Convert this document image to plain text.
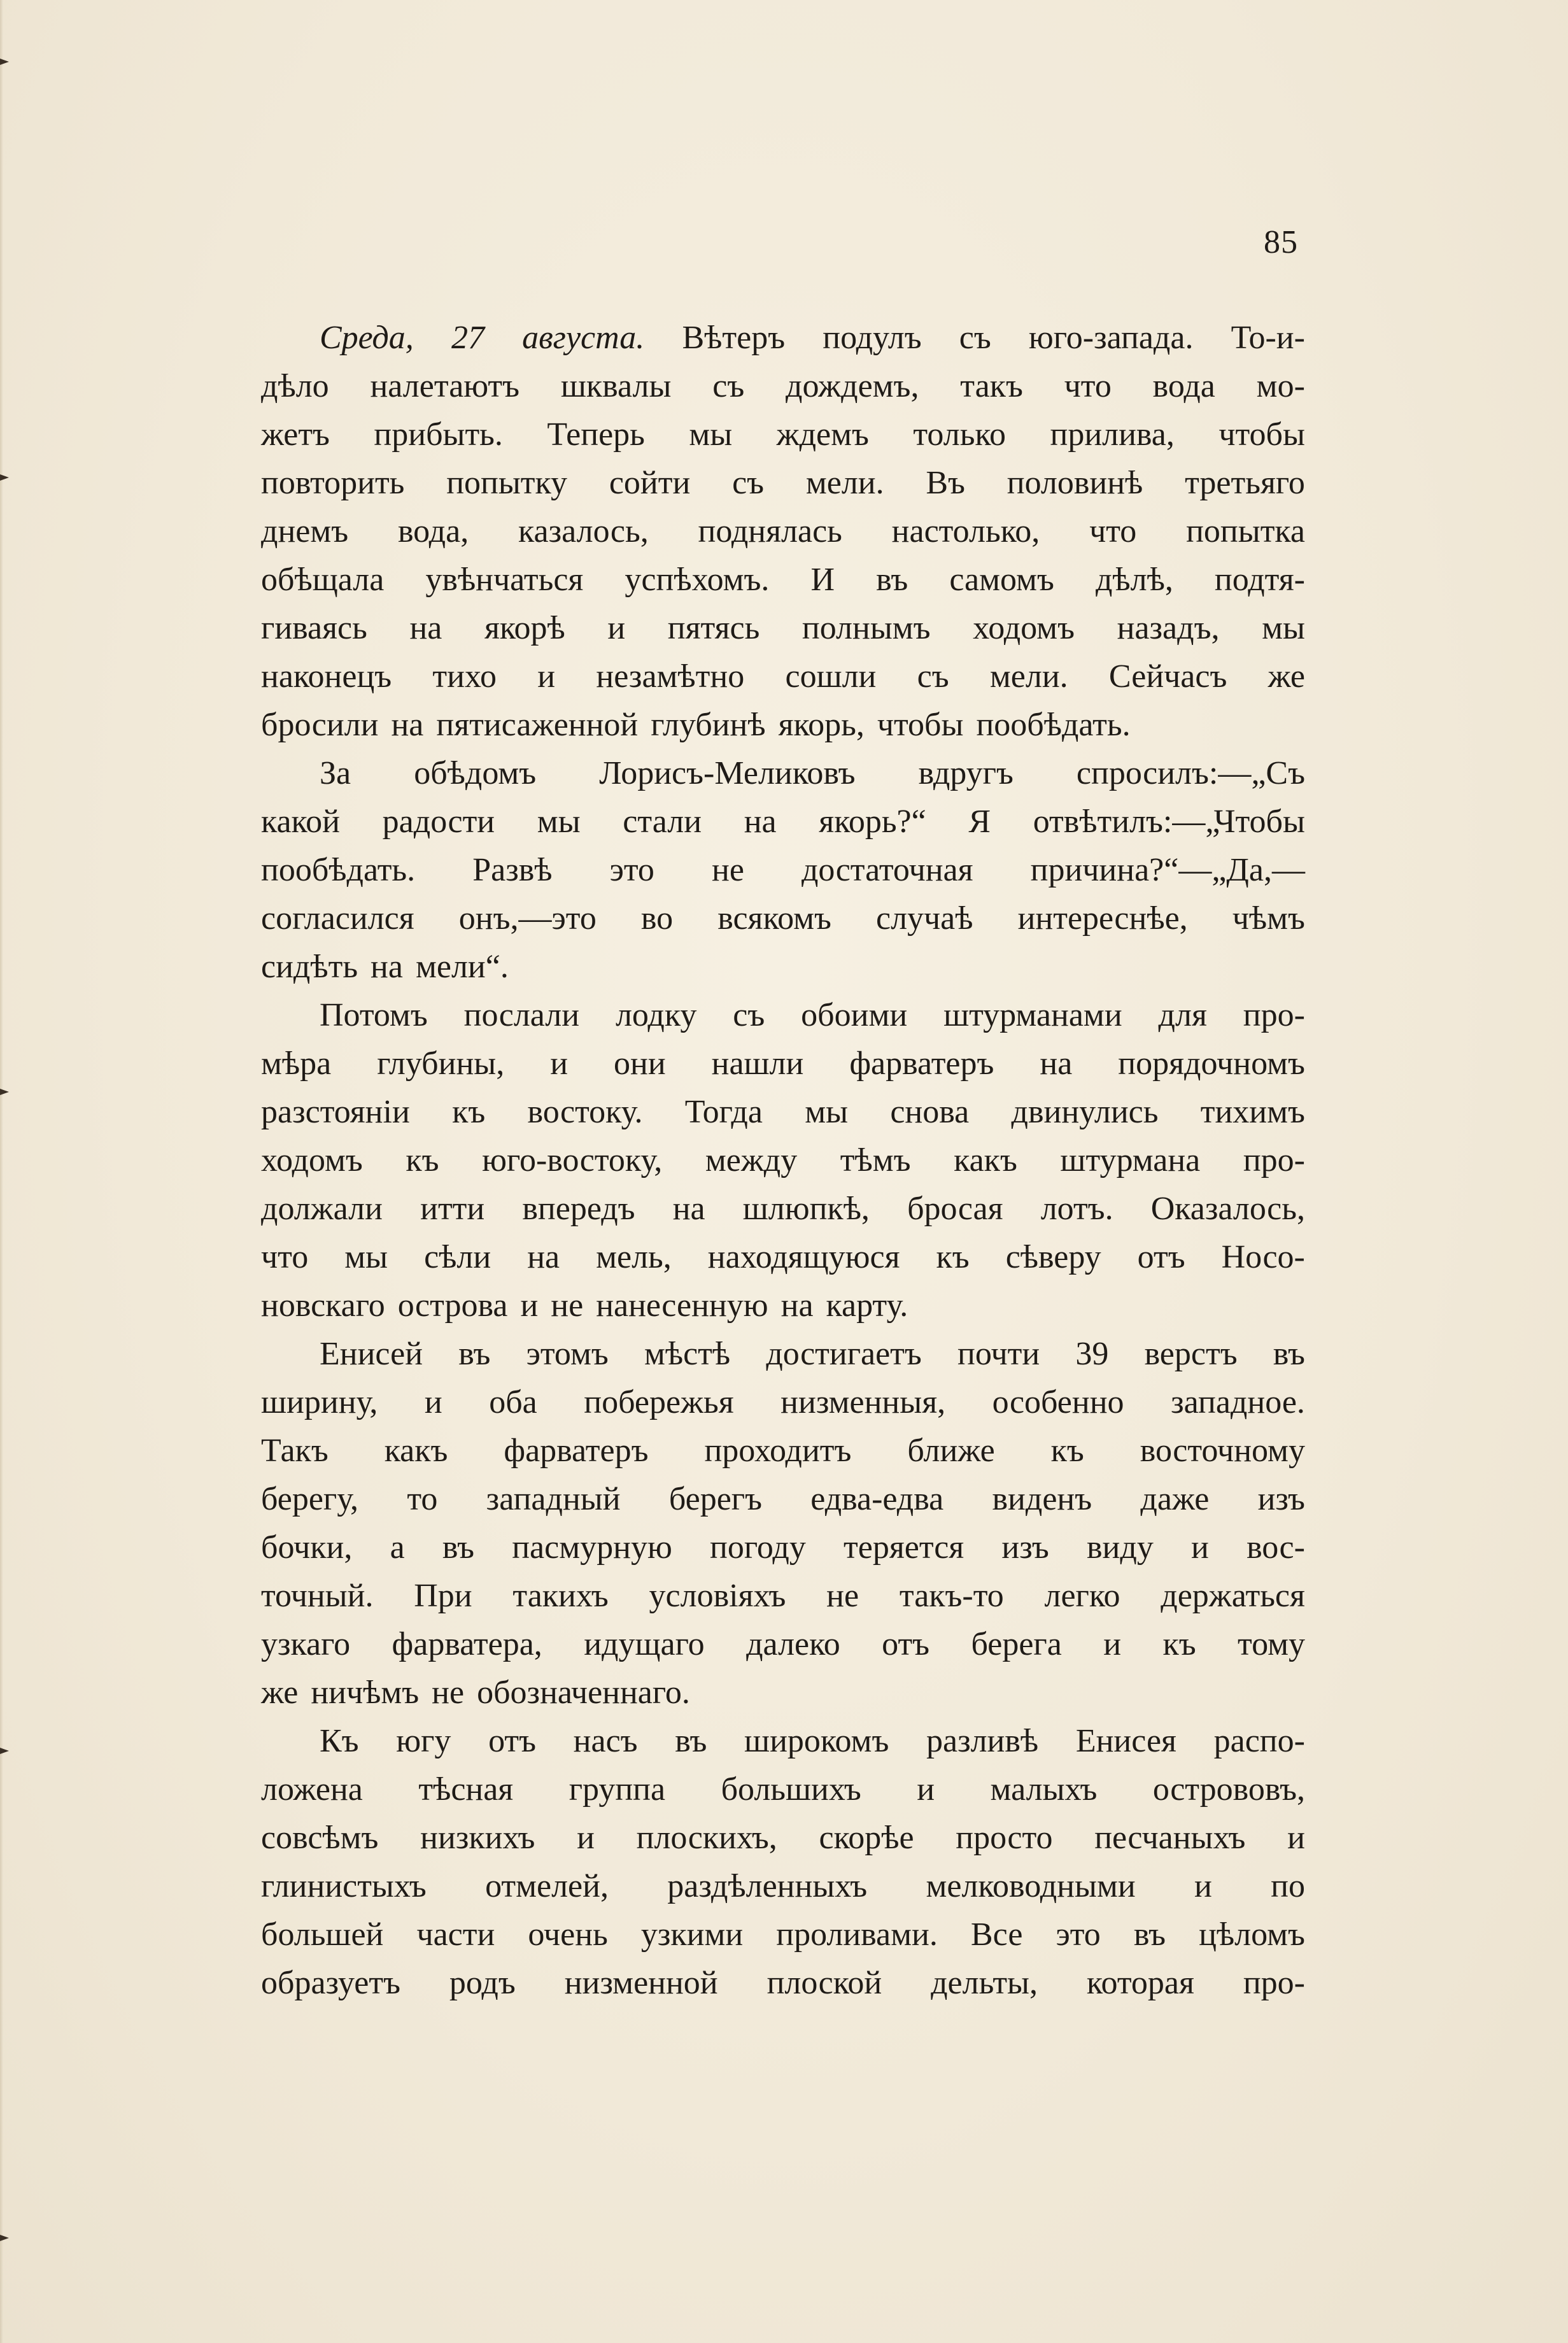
85
Среда, 27 августа. Вѣтеръ подулъ съ юго-запада. То-и-
дѣло налетаютъ шквалы съ дождемъ, такъ что вода мо-
жетъ прибыть. Теперь мы ждемъ только прилива, чтобы
повторить попытку сойти съ мели. Въ половинѣ третьяго
днемъ вода, казалось, поднялась настолько, что попытка
обѣщала увѣнчаться успѣхомъ. И въ самомъ дѣлѣ, подтя-
гиваясь на якорѣ и пятясь полнымъ ходомъ назадъ, мы
наконецъ тихо и незамѣтно сошли съ мели. Сейчасъ же
бросили на пятисаженной глубинѣ якорь, чтобы пообѣдать.
За обѣдомъ Лорисъ-Меликовъ вдругъ спросилъ:—„Съ
какой радости мы стали на якорь?“ Я отвѣтилъ:—„Чтобы
пообѣдать. Развѣ это не достаточная причина?“—„Да,—
согласился онъ,—это во всякомъ случаѣ интереснѣе, чѣмъ
сидѣть на мели“.
Потомъ послали лодку съ обоими штурманами для про-
мѣра глубины, и они нашли фарватеръ на порядочномъ
разстояніи къ востоку. Тогда мы снова двинулись тихимъ
ходомъ къ юго-востоку, между тѣмъ какъ штурмана про-
должали итти впередъ на шлюпкѣ, бросая лотъ. Оказалось,
что мы сѣли на мель, находящуюся къ сѣверу отъ Носо-
новскаго острова и не нанесенную на карту.
Енисей въ этомъ мѣстѣ достигаетъ почти 39 верстъ въ
ширину, и оба побережья низменныя, особенно западное.
Такъ какъ фарватеръ проходитъ ближе къ восточному
берегу, то западный берегъ едва-едва виденъ даже изъ
бочки, а въ пасмурную погоду теряется изъ виду и вос-
точный. При такихъ условіяхъ не такъ-то легко держаться
узкаго фарватера, идущаго далеко отъ берега и къ тому
же ничѣмъ не обозначеннаго.
Къ югу отъ насъ въ широкомъ разливѣ Енисея распо-
ложена тѣсная группа большихъ и малыхъ острововъ,
совсѣмъ низкихъ и плоскихъ, скорѣе просто песчаныхъ и
глинистыхъ отмелей, раздѣленныхъ мелководными и по
большей части очень узкими проливами. Все это въ цѣломъ
образуетъ родъ низменной плоской дельты, которая про-
